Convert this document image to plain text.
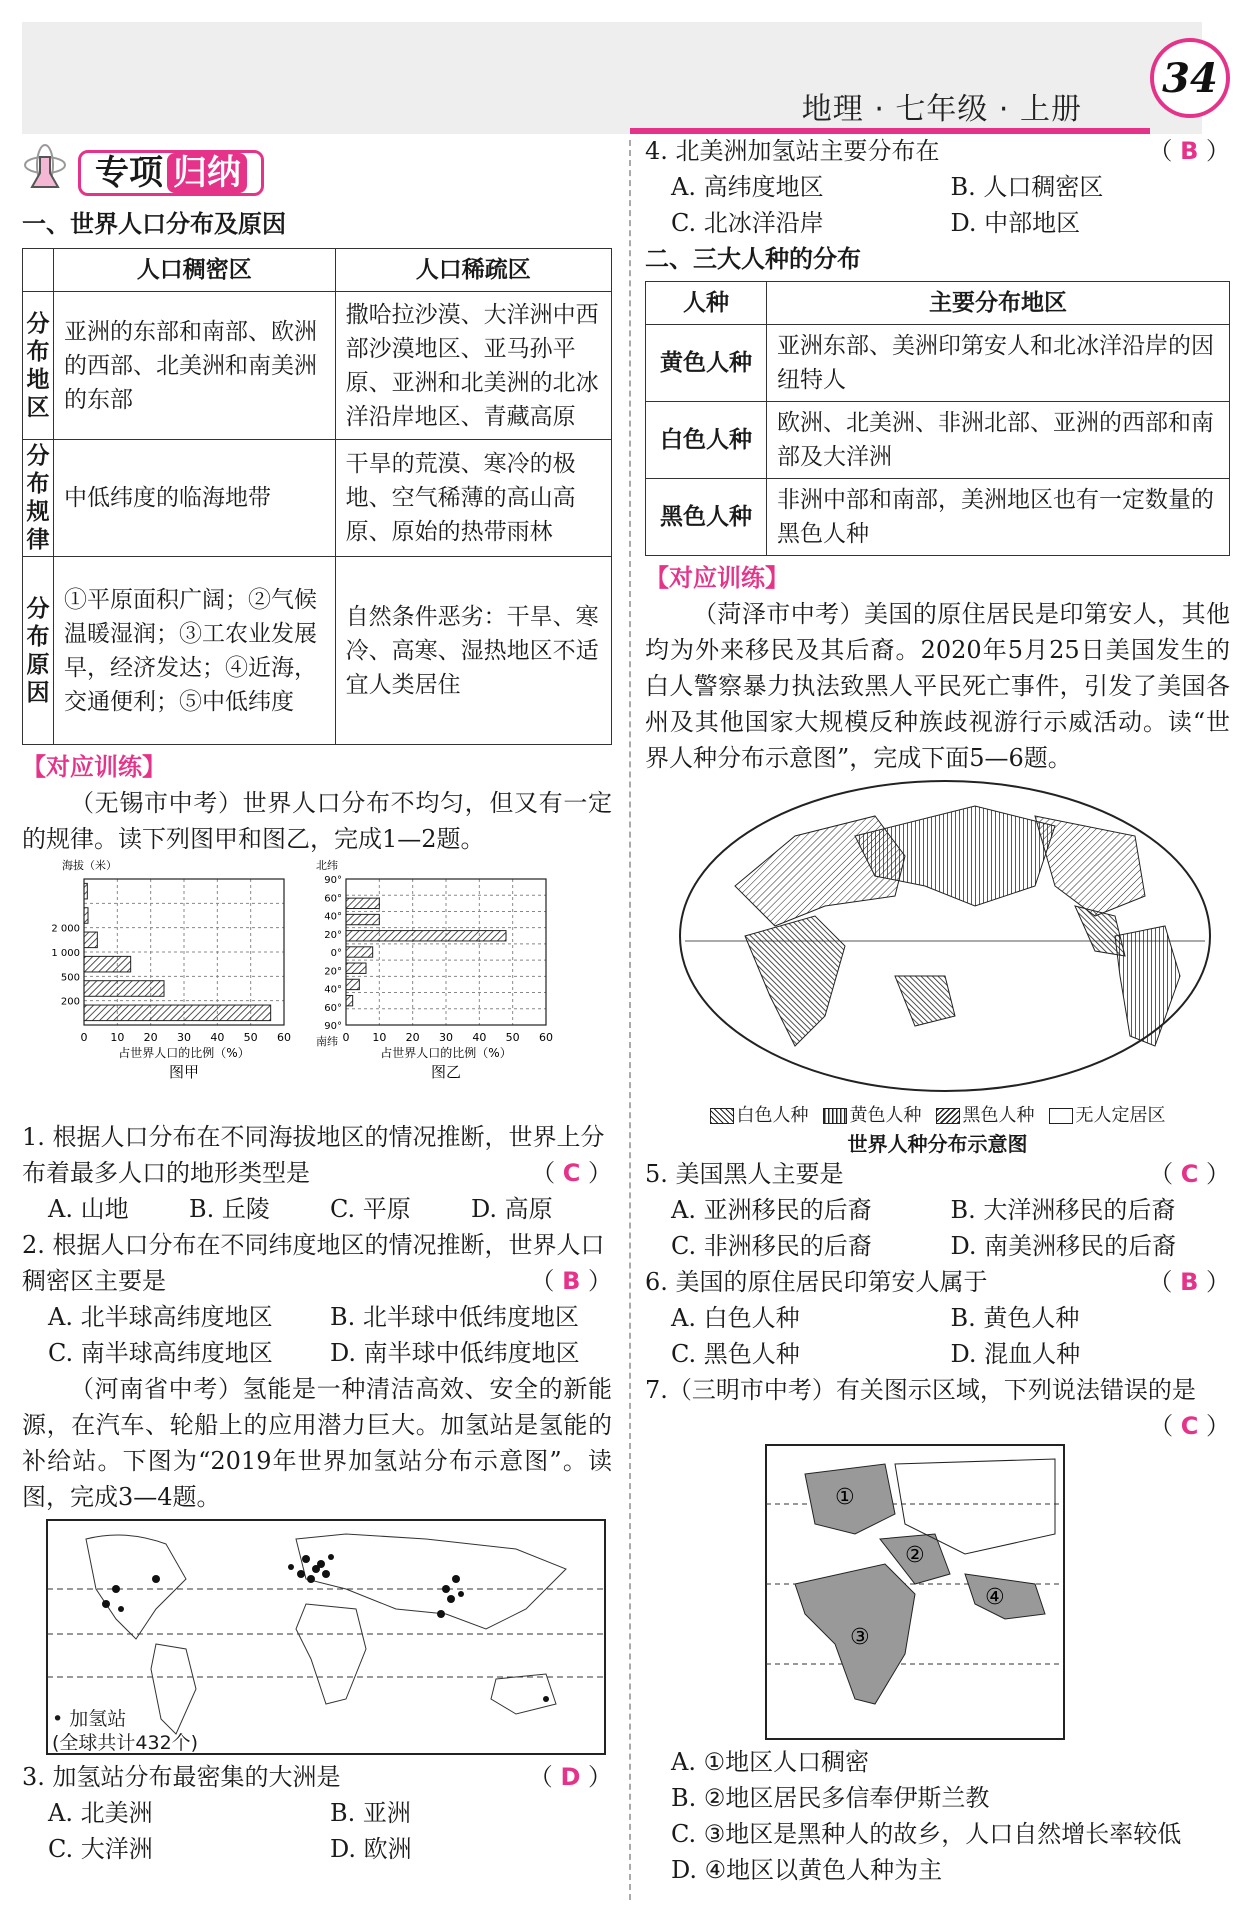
地理 · 七年级 · 上册
34
专项 归纳

一、世界人口分布及原因

	人口稠密区	人口稀疏区
分布地区	亚洲的东部和南部、欧洲的西部、北美洲和南美洲的东部	撒哈拉沙漠、大洋洲中西部沙漠地区、亚马孙平原、亚洲和北美洲的北冰洋沿岸地区、青藏高原
分布规律	中低纬度的临海地带	干旱的荒漠、寒冷的极地、空气稀薄的高山高原、原始的热带雨林
分布原因	①平原面积广阔；②气候温暖湿润；③工农业发展早，经济发达；④近海，交通便利；⑤中低纬度	自然条件恶劣：干旱、寒冷、高寒、湿热地区不适宜人类居住
【对应训练】
（无锡市中考）世界人口分布不均匀，但又有一定的规律。读下列图甲和图乙，完成1—2题。
0 10 20 30 40 50 60
200
500
1 000
2 000
海拔（米）
占世界人口的比例（%）
图甲
0 10 20 30 40 50 60
90°
60°
40°
20°
0°
20°
40°
60°
90°
北纬
南纬
占世界人口的比例（%）
图乙
1. 根据人口分布在不同海拔地区的情况推断，世界上分布着最多人口的地形类型是	（ C ）
A. 山地	B. 丘陵	C. 平原	D. 高原
2. 根据人口分布在不同纬度地区的情况推断，世界人口稠密区主要是	（ B ）
A. 北半球高纬度地区	B. 北半球中低纬度地区
C. 南半球高纬度地区	D. 南半球中低纬度地区
（河南省中考）氢能是一种清洁高效、安全的新能源，在汽车、轮船上的应用潜力巨大。加氢站是氢能的补给站。下图为“2019年世界加氢站分布示意图”。读图，完成3—4题。
• 加氢站
(全球共计432个)
3. 加氢站分布最密集的大洲是	（ D ）
A. 北美洲	B. 亚洲
C. 大洋洲	D. 欧洲
4. 北美洲加氢站主要分布在	（ B ）
A. 高纬度地区	B. 人口稠密区
C. 北冰洋沿岸	D. 中部地区

二、三大人种的分布

人种	主要分布地区
黄色人种	亚洲东部、美洲印第安人和北冰洋沿岸的因纽特人
白色人种	欧洲、北美洲、非洲北部、亚洲的西部和南部及大洋洲
黑色人种	非洲中部和南部，美洲地区也有一定数量的黑色人种
【对应训练】
（菏泽市中考）美国的原住居民是印第安人，其他均为外来移民及其后裔。2020年5月25日美国发生的白人警察暴力执法致黑人平民死亡事件，引发了美国各州及其他国家大规模反种族歧视游行示威活动。读“世界人种分布示意图”，完成下面5—6题。
白色人种	黄色人种	黑色人种	无人定居区
世界人种分布示意图
5. 美国黑人主要是	（ C ）
A. 亚洲移民的后裔	B. 大洋洲移民的后裔
C. 非洲移民的后裔	D. 南美洲移民的后裔
6. 美国的原住居民印第安人属于	（ B ）
A. 白色人种	B. 黄色人种
C. 黑色人种	D. 混血人种
7.（三明市中考）有关图示区域，下列说法错误的是
（ C ）
①
②
③
④
A. ①地区人口稠密
B. ②地区居民多信奉伊斯兰教
C. ③地区是黑种人的故乡，人口自然增长率较低
D. ④地区以黄色人种为主
